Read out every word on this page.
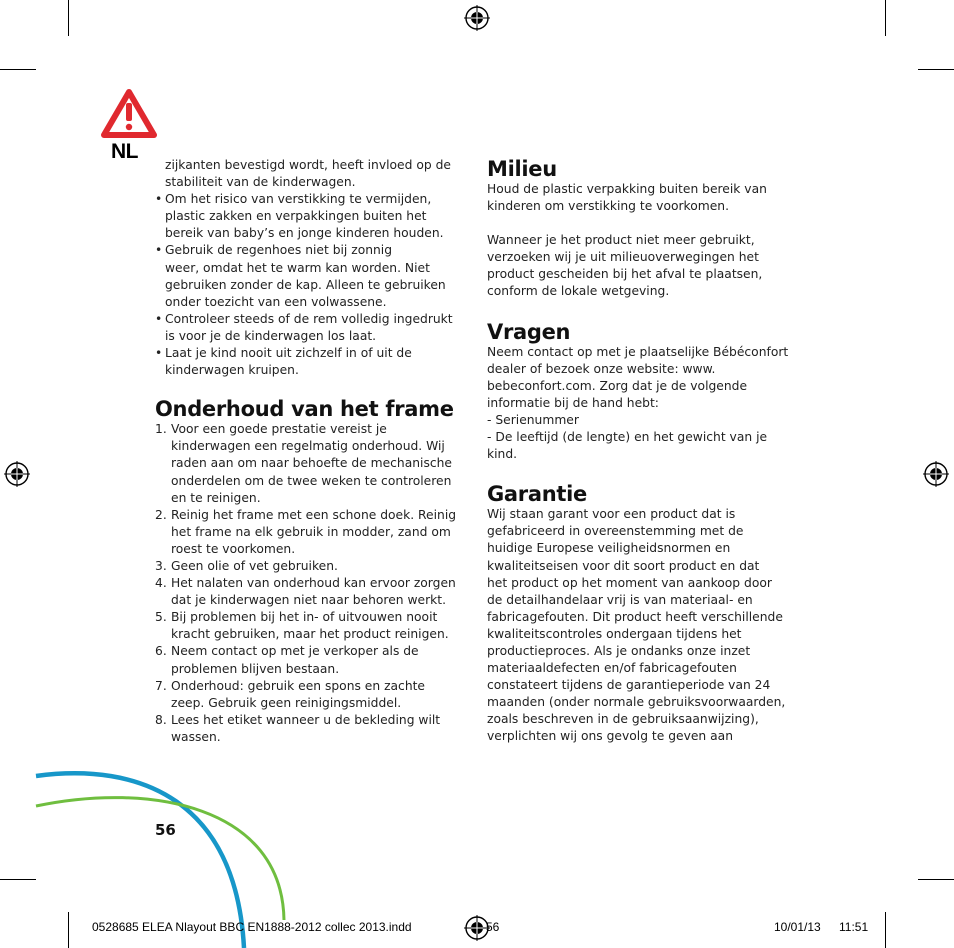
NL

zijkanten bevestigd wordt, heeft invloed op de

stabiliteit van de kinderwagen.

• Om het risico van verstikking te vermijden,

plastic zakken en verpakkingen buiten het

bereik van baby’s en jonge kinderen houden.

• Gebruik de regenhoes niet bij zonnig

weer, omdat het te warm kan worden. Niet

gebruiken zonder de kap. Alleen te gebruiken

onder toezicht van een volwassene.

• Controleer steeds of de rem volledig ingedrukt

is voor je de kinderwagen los laat.

• Laat je kind nooit uit zichzelf in of uit de

kinderwagen kruipen.

Onderhoud van het frame
1. Voor een goede prestatie vereist je

kinderwagen een regelmatig onderhoud. Wij

raden aan om naar behoefte de mechanische

onderdelen om de twee weken te controleren

en te reinigen.

2. Reinig het frame met een schone doek. Reinig

het frame na elk gebruik in modder, zand om

roest te voorkomen.

3. Geen olie of vet gebruiken.

4. Het nalaten van onderhoud kan ervoor zorgen

dat je kinderwagen niet naar behoren werkt.

5. Bij problemen bij het in- of uitvouwen nooit

kracht gebruiken, maar het product reinigen.

6. Neem contact op met je verkoper als de

problemen blijven bestaan.

7. Onderhoud: gebruik een spons en zachte

zeep. Gebruik geen reinigingsmiddel.

8. Lees het etiket wanneer u de bekleding wilt

wassen.

Milieu

Houd de plastic verpakking buiten bereik van

kinderen om verstikking te voorkomen.

Wanneer je het product niet meer gebruikt,

verzoeken wij je uit milieuoverwegingen het

product gescheiden bij het afval te plaatsen,

conform de lokale wetgeving.

Vragen

Neem contact op met je plaatselijke Bébéconfort

dealer of bezoek onze website: www.

bebeconfort.com. Zorg dat je de volgende

informatie bij de hand hebt:

- Serienummer

- De leeftijd (de lengte) en het gewicht van je

kind.

Garantie

Wij staan garant voor een product dat is

gefabriceerd in overeenstemming met de

huidige Europese veiligheidsnormen en

kwaliteitseisen voor dit soort product en dat

het product op het moment van aankoop door

de detailhandelaar vrij is van materiaal- en

fabricagefouten. Dit product heeft verschillende

kwaliteitscontroles ondergaan tijdens het

productieproces. Als je ondanks onze inzet

materiaaldefecten en/of fabricagefouten

constateert tijdens de garantieperiode van 24

maanden (onder normale gebruiksvoorwaarden,

zoals beschreven in de gebruiksaanwijzing),

verplichten wij ons gevolg te geven aan

56
0528685 ELEA Nlayout BBC EN1888-2012 collec 2013.indd	56	10/01/13 11:51
